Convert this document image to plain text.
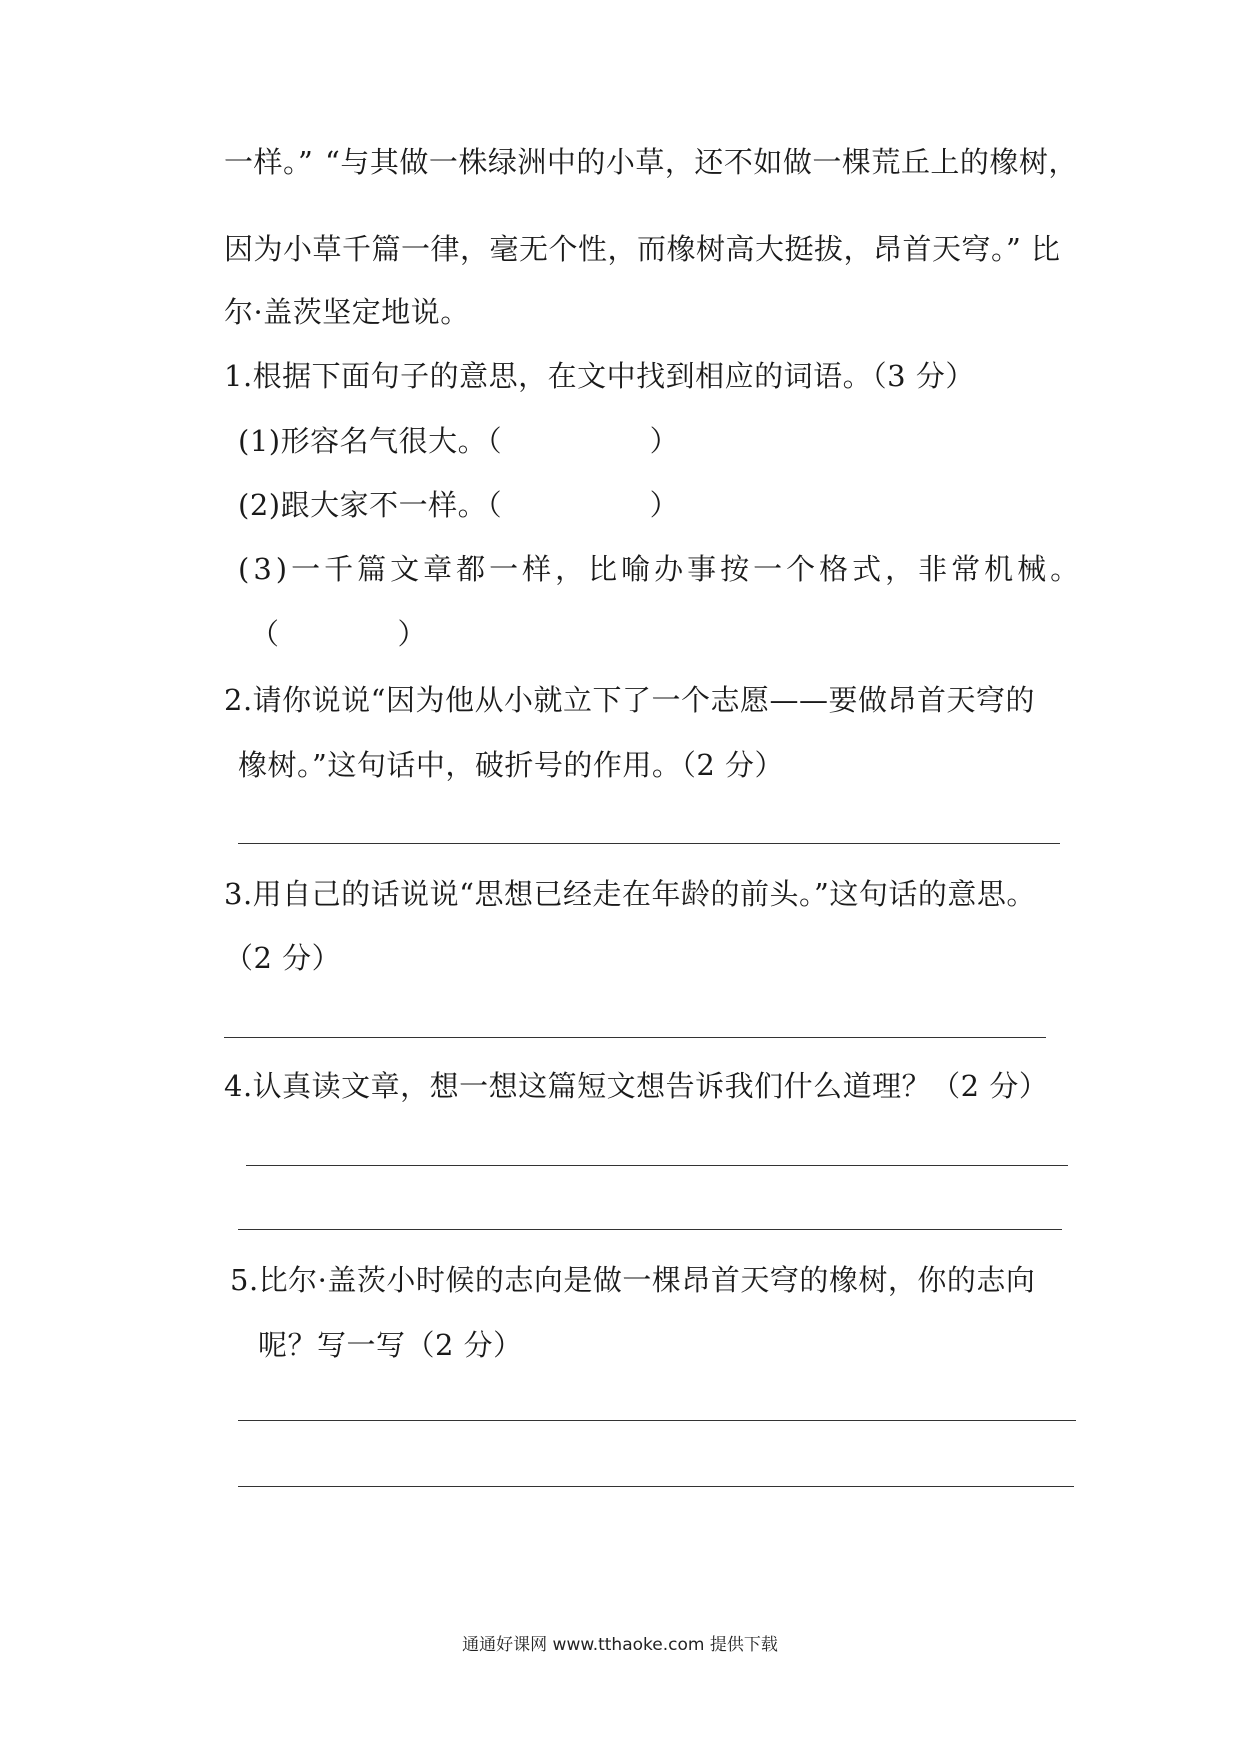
一样。” “与其做一株绿洲中的小草，还不如做一棵荒丘上的橡树，
因为小草千篇一律，毫无个性，而橡树高大挺拔，昂首天穹。” 比
尔·盖茨坚定地说。
1.根据下面句子的意思，在文中找到相应的词语。（3 分）
(1)形容名气很大。（　　　　　）
(2)跟大家不一样。（　　　　　）
(3)一千篇文章都一样，比喻办事按一个格式，非常机械。
（　　　　）
2.请你说说“因为他从小就立下了一个志愿——要做昂首天穹的
橡树。”这句话中，破折号的作用。（2 分）
3.用自己的话说说“思想已经走在年龄的前头。”这句话的意思。
（2 分）
4.认真读文章，想一想这篇短文想告诉我们什么道理？（2 分）
5.比尔·盖茨小时候的志向是做一棵昂首天穹的橡树，你的志向
呢？写一写（2 分）
通通好课网 www.tthaoke.com 提供下载
